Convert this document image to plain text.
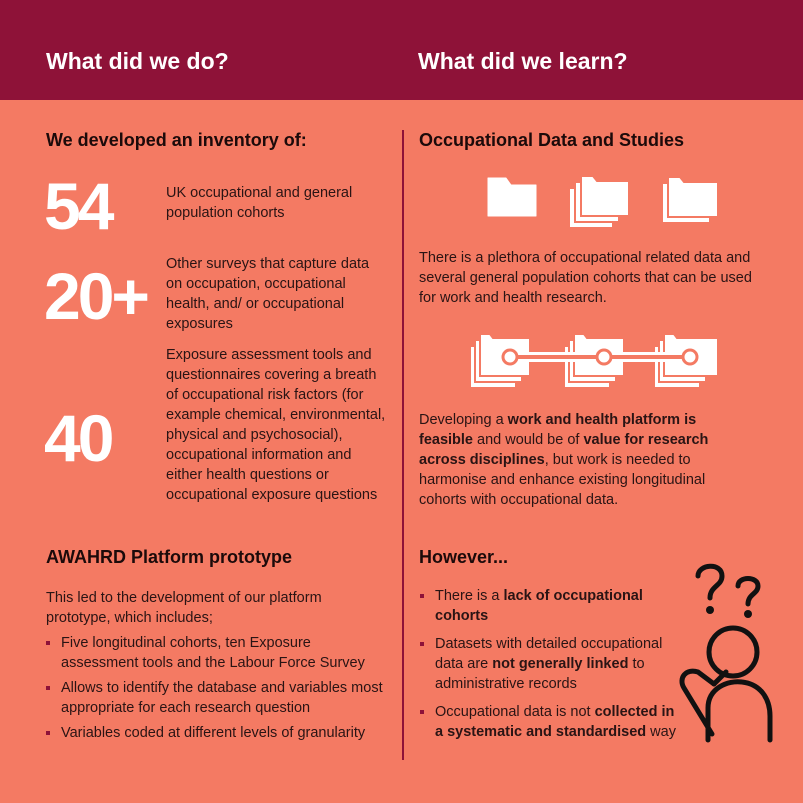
What did we do?	What did we learn?
We developed an inventory of:
54	UK occupational and general population cohorts
20+ Other surveys that capture data on occupation, occupational health, and/ or occupational exposures
40
Exposure assessment tools and questionnaires covering a breath of occupational risk factors (for example chemical, environmental, physical and psychosocial), occupational information and either health questions or occupational exposure questions
AWAHRD Platform prototype
This led to the development of our platform prototype, which includes;
Five longitudinal cohorts, ten Exposure assessment tools and the Labour Force Survey
Allows to identify the database and variables most appropriate for each research question
Variables coded at different levels of granularity
Occupational Data and Studies
There is a plethora of occupational related data and several general population cohorts that can be used for work and health research.
Developing a work and health platform is feasible and would be of value for research across disciplines, but work is needed to harmonise and enhance existing longitudinal cohorts with occupational data.
However...
There is a lack of occupational cohorts
Datasets with detailed occupational data are not generally linked to administrative records
Occupational data is not collected in a systematic and standardised way
